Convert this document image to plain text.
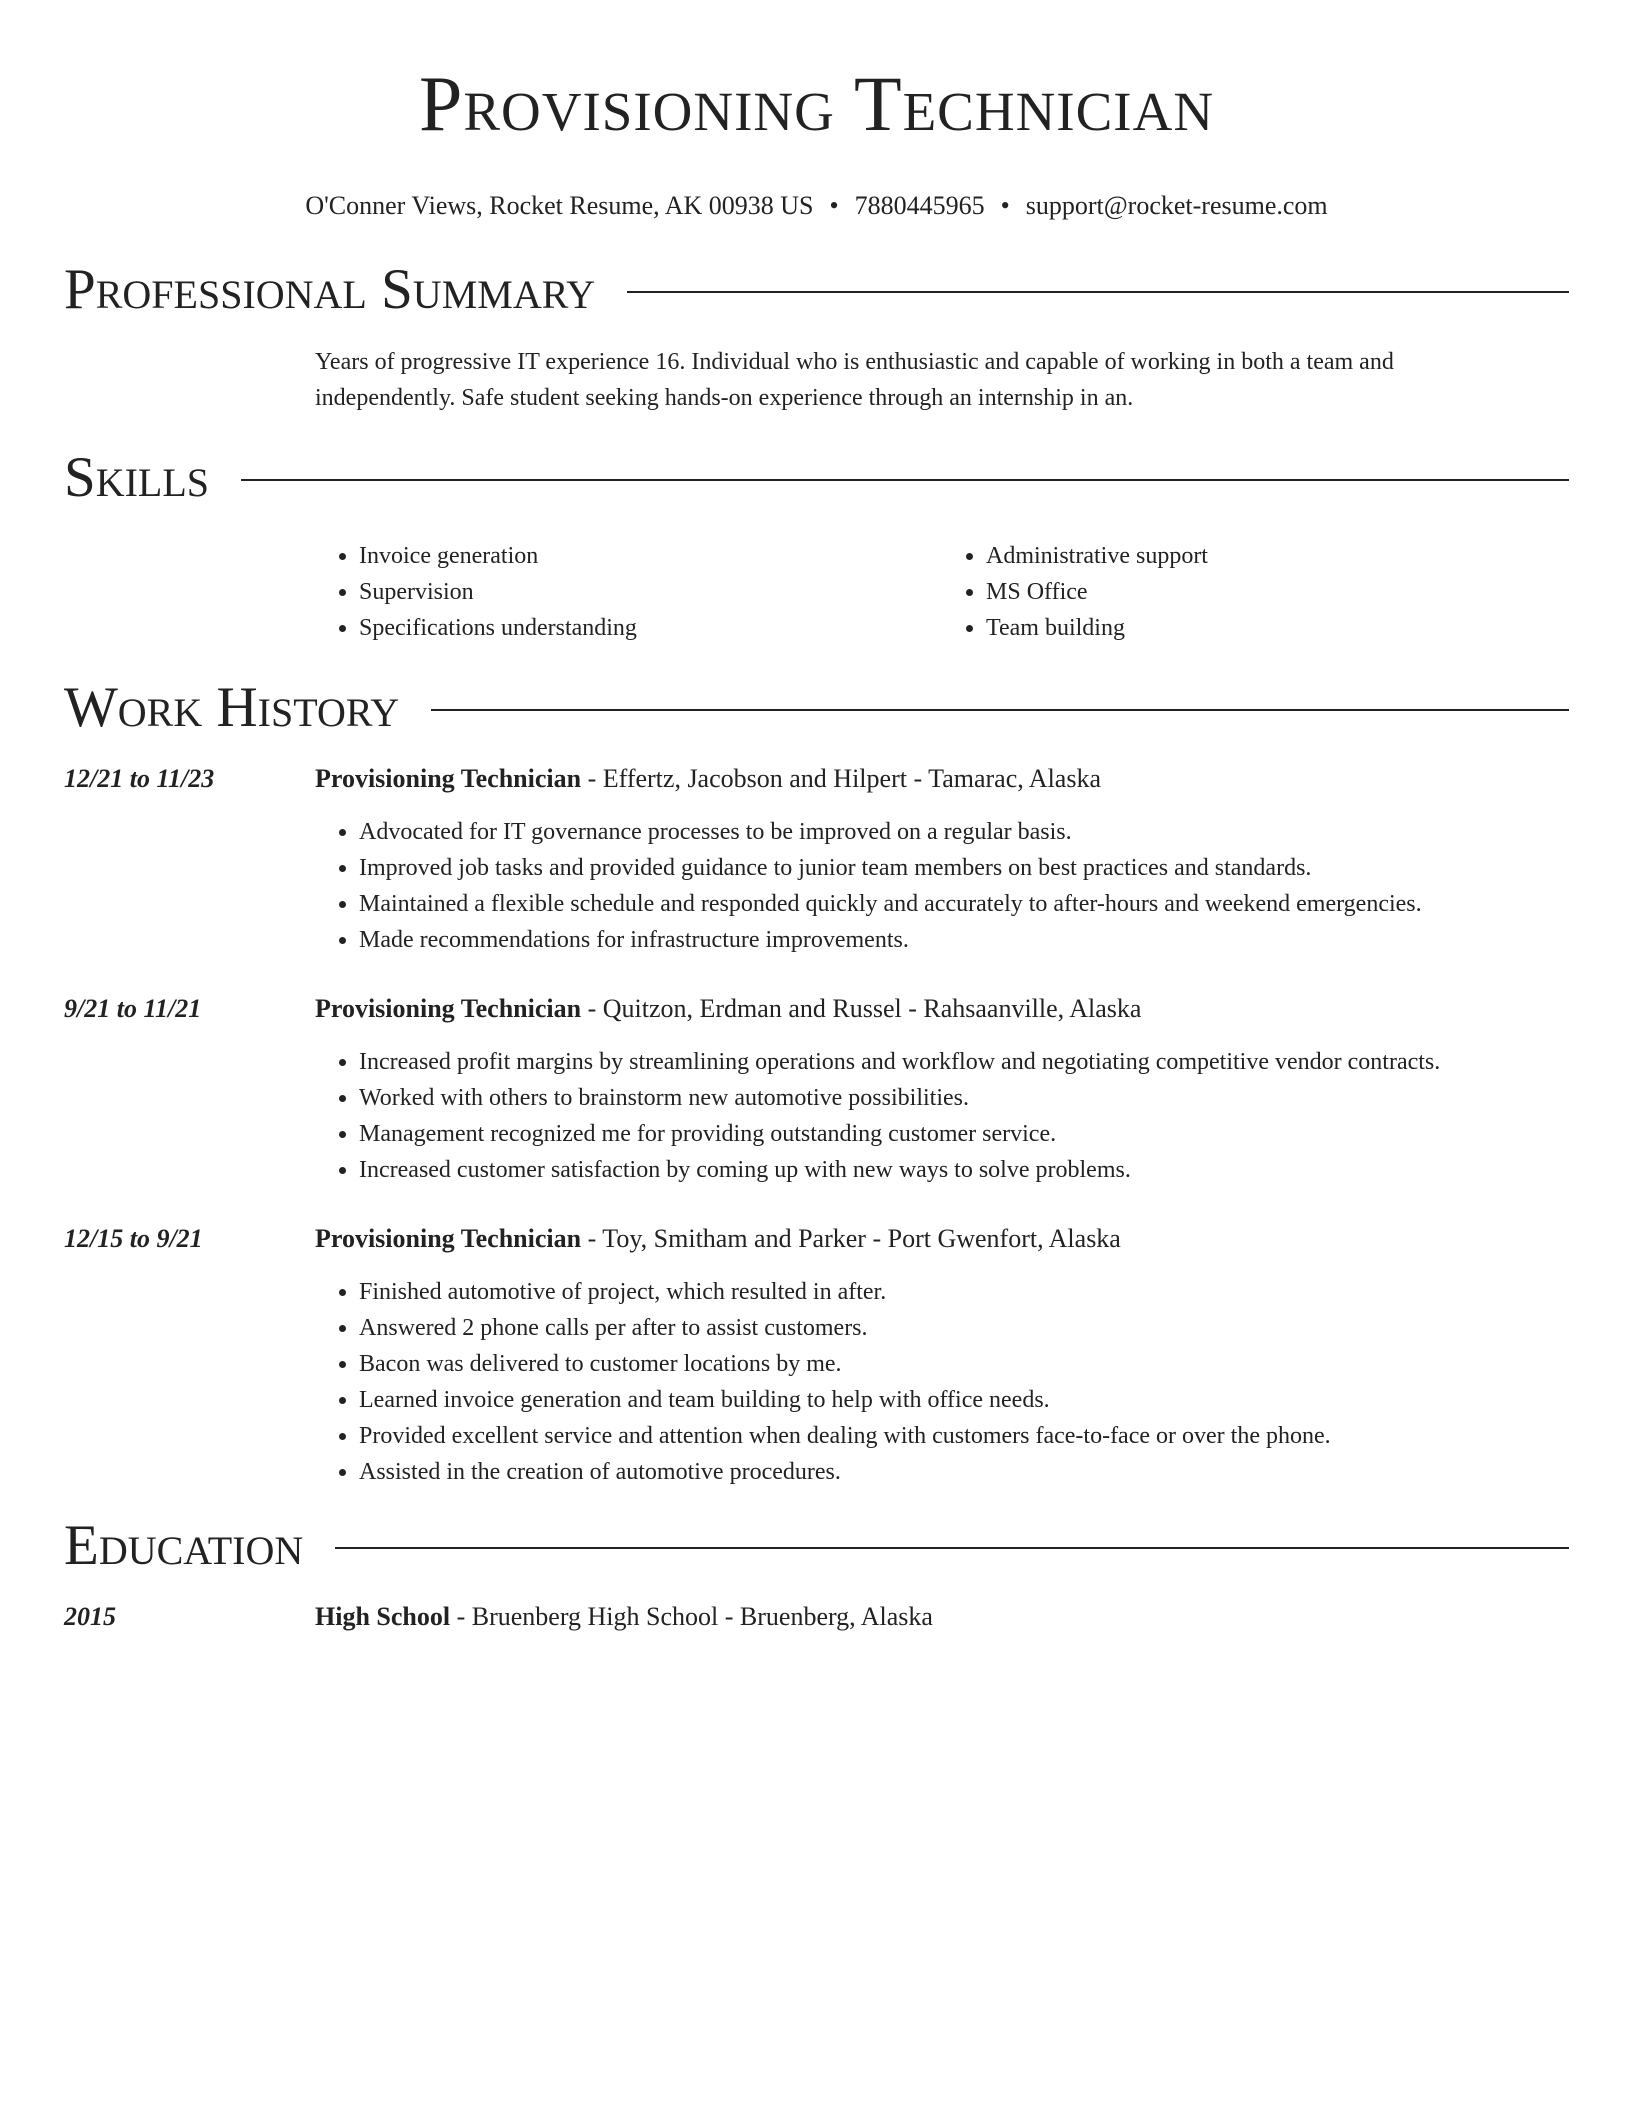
Provisioning Technician
O'Conner Views, Rocket Resume, AK 00938 US • 7880445965 • support@rocket-resume.com
Professional Summary
Years of progressive IT experience 16. Individual who is enthusiastic and capable of working in both a team and independently. Safe student seeking hands-on experience through an internship in an.
Skills
• Invoice generation
• Supervision
• Specifications understanding
• Administrative support
• MS Office
• Team building
Work History
12/21 to 11/23	Provisioning Technician - Effertz, Jacobson and Hilpert - Tamarac, Alaska
• Advocated for IT governance processes to be improved on a regular basis.
• Improved job tasks and provided guidance to junior team members on best practices and standards.
• Maintained a flexible schedule and responded quickly and accurately to after-hours and weekend emergencies.
• Made recommendations for infrastructure improvements.
9/21 to 11/21	Provisioning Technician - Quitzon, Erdman and Russel - Rahsaanville, Alaska
• Increased profit margins by streamlining operations and workflow and negotiating competitive vendor contracts.
• Worked with others to brainstorm new automotive possibilities.
• Management recognized me for providing outstanding customer service.
• Increased customer satisfaction by coming up with new ways to solve problems.
12/15 to 9/21	Provisioning Technician - Toy, Smitham and Parker - Port Gwenfort, Alaska
• Finished automotive of project, which resulted in after.
• Answered 2 phone calls per after to assist customers.
• Bacon was delivered to customer locations by me.
• Learned invoice generation and team building to help with office needs.
• Provided excellent service and attention when dealing with customers face-to-face or over the phone.
• Assisted in the creation of automotive procedures.
Education
2015	High School - Bruenberg High School - Bruenberg, Alaska
